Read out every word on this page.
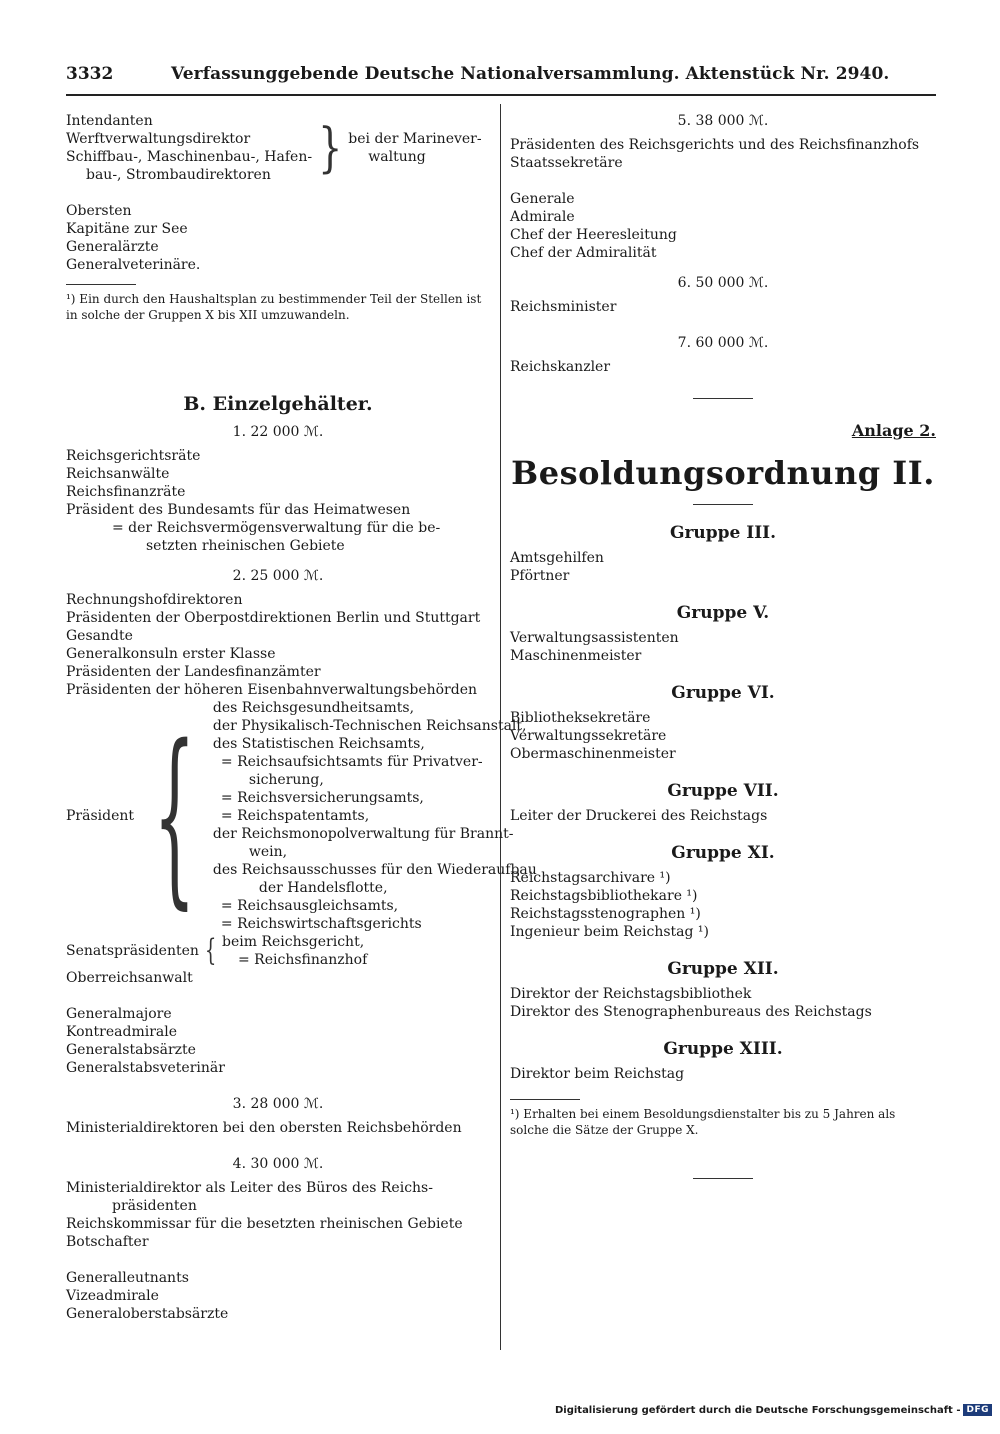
3332	Verfassunggebende Deutsche Nationalversammlung. Aktenstück Nr. 2940.
Intendanten
Werftverwaltungsdirektor
Schiffbau-, Maschinenbau-, Hafen-
bau-, Strombaudirektoren	} bei der Marinever-
waltung
Obersten
Kapitäne zur See
Generalärzte
Generalveterinäre.
¹) Ein durch den Haushaltsplan zu bestimmender Teil der Stellen ist in solche der Gruppen X bis XII umzuwandeln.
B. Einzelgehälter.
1. 22 000 ℳ.
Reichsgerichtsräte
Reichsanwälte
Reichsfinanzräte
Präsident des Bundesamts für das Heimatwesen
= der Reichsvermögensverwaltung für die be-
setzten rheinischen Gebiete
2. 25 000 ℳ.
Rechnungshofdirektoren
Präsidenten der Oberpostdirektionen Berlin und Stuttgart
Gesandte
Generalkonsuln erster Klasse
Präsidenten der Landesfinanzämter
Präsidenten der höheren Eisenbahnverwaltungsbehörden
Präsident { des Reichsgesundheitsamts,
der Physikalisch-Technischen Reichsanstalt,
des Statistischen Reichsamts,
= Reichsaufsichtsamts für Privatver-
sicherung,
= Reichsversicherungsamts,
= Reichspatentamts,
der Reichsmonopolverwaltung für Brannt-
wein,
des Reichsausschusses für den Wiederaufbau
der Handelsflotte,
= Reichsausgleichsamts,
= Reichswirtschaftsgerichts
Senatspräsidenten { beim Reichsgericht,
= Reichsfinanzhof
Oberreichsanwalt
Generalmajore
Kontreadmirale
Generalstabsärzte
Generalstabsveterinär
3. 28 000 ℳ.
Ministerialdirektoren bei den obersten Reichsbehörden
4. 30 000 ℳ.
Ministerialdirektor als Leiter des Büros des Reichs-
präsidenten
Reichskommissar für die besetzten rheinischen Gebiete
Botschafter
Generalleutnants
Vizeadmirale
Generaloberstabsärzte
5. 38 000 ℳ.
Präsidenten des Reichsgerichts und des Reichsfinanzhofs
Staatssekretäre
Generale
Admirale
Chef der Heeresleitung
Chef der Admiralität
6. 50 000 ℳ.
Reichsminister
7. 60 000 ℳ.
Reichskanzler
Anlage 2.
Besoldungsordnung II.
Gruppe III.
Amtsgehilfen
Pförtner
Gruppe V.
Verwaltungsassistenten
Maschinenmeister
Gruppe VI.
Bibliotheksekretäre
Verwaltungssekretäre
Obermaschinenmeister
Gruppe VII.
Leiter der Druckerei des Reichstags
Gruppe XI.
Reichstagsarchivare ¹)
Reichstagsbibliothekare ¹)
Reichstagsstenographen ¹)
Ingenieur beim Reichstag ¹)
Gruppe XII.
Direktor der Reichstagsbibliothek
Direktor des Stenographenbureaus des Reichstags
Gruppe XIII.
Direktor beim Reichstag
¹) Erhalten bei einem Besoldungsdienstalter bis zu 5 Jahren als solche die Sätze der Gruppe X.
Digitalisierung gefördert durch die Deutsche Forschungsgemeinschaft - DFG
